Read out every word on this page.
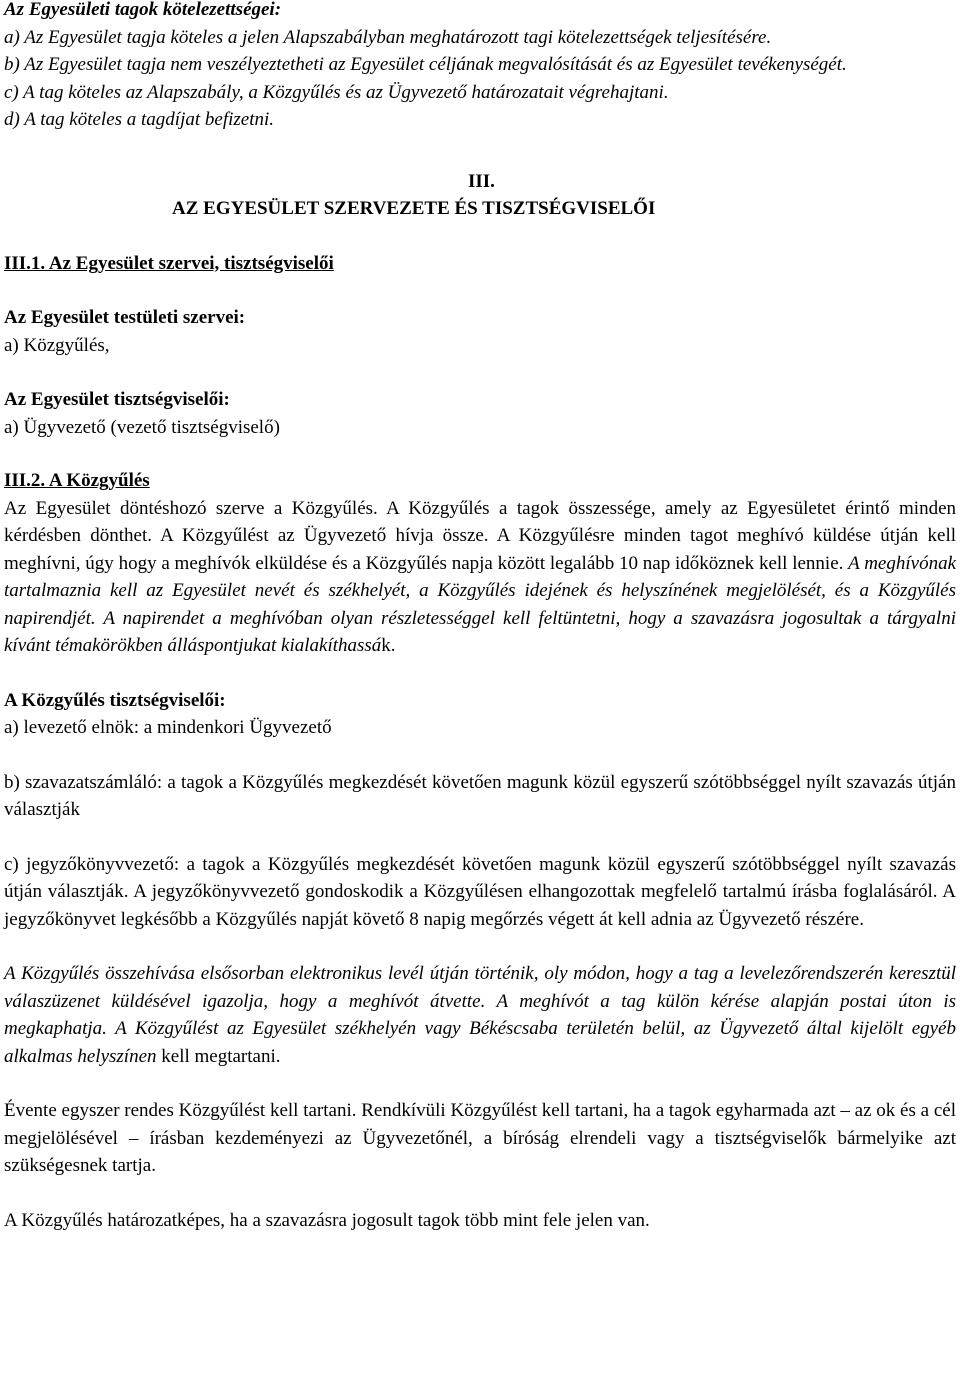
Az Egyesületi tagok kötelezettségei:

a) Az Egyesület tagja köteles a jelen Alapszabályban meghatározott tagi kötelezettségek teljesítésére.

b) Az Egyesület tagja nem veszélyeztetheti az Egyesület céljának megvalósítását és az Egyesület tevékenységét.

c) A tag köteles az Alapszabály, a Közgyűlés és az Ügyvezető határozatait végrehajtani.

d) A tag köteles a tagdíjat befizetni.

III.

AZ EGYESÜLET SZERVEZETE ÉS TISZTSÉGVISELŐI

III.1. Az Egyesület szervei, tisztségviselői

Az Egyesület testületi szervei:

a) Közgyűlés,

Az Egyesület tisztségviselői:

a) Ügyvezető (vezető tisztségviselő)

III.2. A Közgyűlés

Az Egyesület döntéshozó szerve a Közgyűlés. A Közgyűlés a tagok összessége, amely az Egyesületet érintő minden kérdésben dönthet. A Közgyűlést az Ügyvezető hívja össze. A Közgyűlésre minden tagot meghívó küldése útján kell meghívni, úgy hogy a meghívók elküldése és a Közgyűlés napja között legalább 10 nap időköznek kell lennie. A meghívónak tartalmaznia kell az Egyesület nevét és székhelyét, a Közgyűlés idejének és helyszínének megjelölését, és a Közgyűlés napirendjét. A napirendet a meghívóban olyan részletességgel kell feltüntetni, hogy a szavazásra jogosultak a tárgyalni kívánt témakörökben álláspontjukat kialakíthassák.

A Közgyűlés tisztségviselői:

a) levezető elnök: a mindenkori Ügyvezető

b) szavazatszámláló: a tagok a Közgyűlés megkezdését követően magunk közül egyszerű szótöbbséggel nyílt szavazás útján választják

c) jegyzőkönyvvezető: a tagok a Közgyűlés megkezdését követően magunk közül egyszerű szótöbbséggel nyílt szavazás útján választják. A jegyzőkönyvvezető gondoskodik a Közgyűlésen elhangozottak megfelelő tartalmú írásba foglalásáról. A jegyzőkönyvet legkésőbb a Közgyűlés napját követő 8 napig megőrzés végett át kell adnia az Ügyvezető részére.

A Közgyűlés összehívása elsősorban elektronikus levél útján történik, oly módon, hogy a tag a levelezőrendszerén keresztül válaszüzenet küldésével igazolja, hogy a meghívót átvette. A meghívót a tag külön kérése alapján postai úton is megkaphatja. A Közgyűlést az Egyesület székhelyén vagy Békéscsaba területén belül, az Ügyvezető által kijelölt egyéb alkalmas helyszínen kell megtartani.

Évente egyszer rendes Közgyűlést kell tartani. Rendkívüli Közgyűlést kell tartani, ha a tagok egyharmada azt – az ok és a cél megjelölésével – írásban kezdeményezi az Ügyvezetőnél, a bíróság elrendeli vagy a tisztségviselők bármelyike azt szükségesnek tartja.

A Közgyűlés határozatképes, ha a szavazásra jogosult tagok több mint fele jelen van.
